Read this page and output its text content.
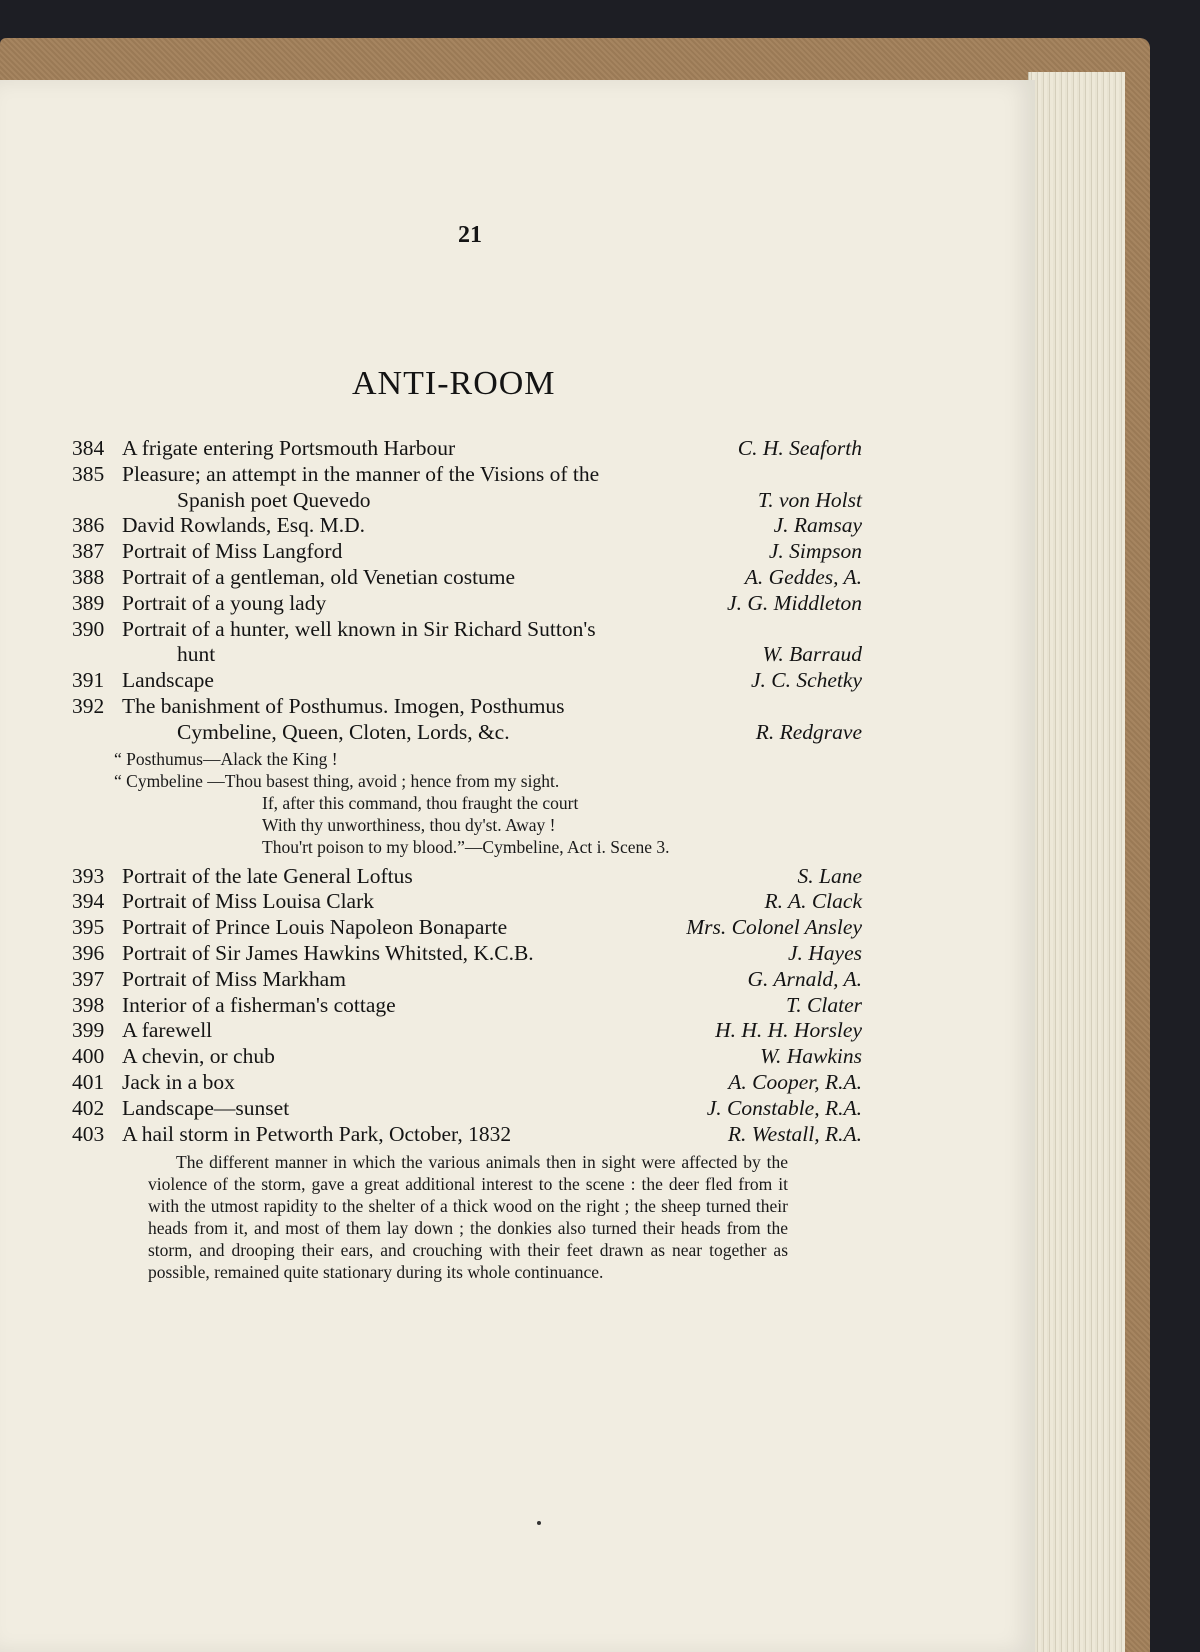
21
ANTI-ROOM
384 A frigate entering Portsmouth Harbour	C. H. Seaforth
385 Pleasure; an attempt in the manner of the Visions of the
Spanish poet Quevedo	T. von Holst
386 David Rowlands, Esq. M.D.	J. Ramsay
387 Portrait of Miss Langford	J. Simpson
388 Portrait of a gentleman, old Venetian costume	A. Geddes, A.
389 Portrait of a young lady	J. G. Middleton
390 Portrait of a hunter, well known in Sir Richard Sutton's
hunt	W. Barraud
391 Landscape	J. C. Schetky
392 The banishment of Posthumus. Imogen, Posthumus
Cymbeline, Queen, Cloten, Lords, &c.	R. Redgrave
“ Posthumus—Alack the King !
“ Cymbeline —Thou basest thing, avoid ; hence from my sight.
If, after this command, thou fraught the court
With thy unworthiness, thou dy'st. Away !
Thou'rt poison to my blood.”—Cymbeline, Act i. Scene 3.
393 Portrait of the late General Loftus	S. Lane
394 Portrait of Miss Louisa Clark	R. A. Clack
395 Portrait of Prince Louis Napoleon Bonaparte	Mrs. Colonel Ansley
396 Portrait of Sir James Hawkins Whitsted, K.C.B.	J. Hayes
397 Portrait of Miss Markham	G. Arnald, A.
398 Interior of a fisherman's cottage	T. Clater
399 A farewell	H. H. H. Horsley
400 A chevin, or chub	W. Hawkins
401 Jack in a box	A. Cooper, R.A.
402 Landscape—sunset	J. Constable, R.A.
403 A hail storm in Petworth Park, October, 1832	R. Westall, R.A.
The different manner in which the various animals then in sight were affected by the violence of the storm, gave a great additional interest to the scene : the deer fled from it with the utmost rapidity to the shelter of a thick wood on the right ; the sheep turned their heads from it, and most of them lay down ; the donkies also turned their heads from the storm, and drooping their ears, and crouching with their feet drawn as near together as possible, remained quite stationary during its whole continuance.
